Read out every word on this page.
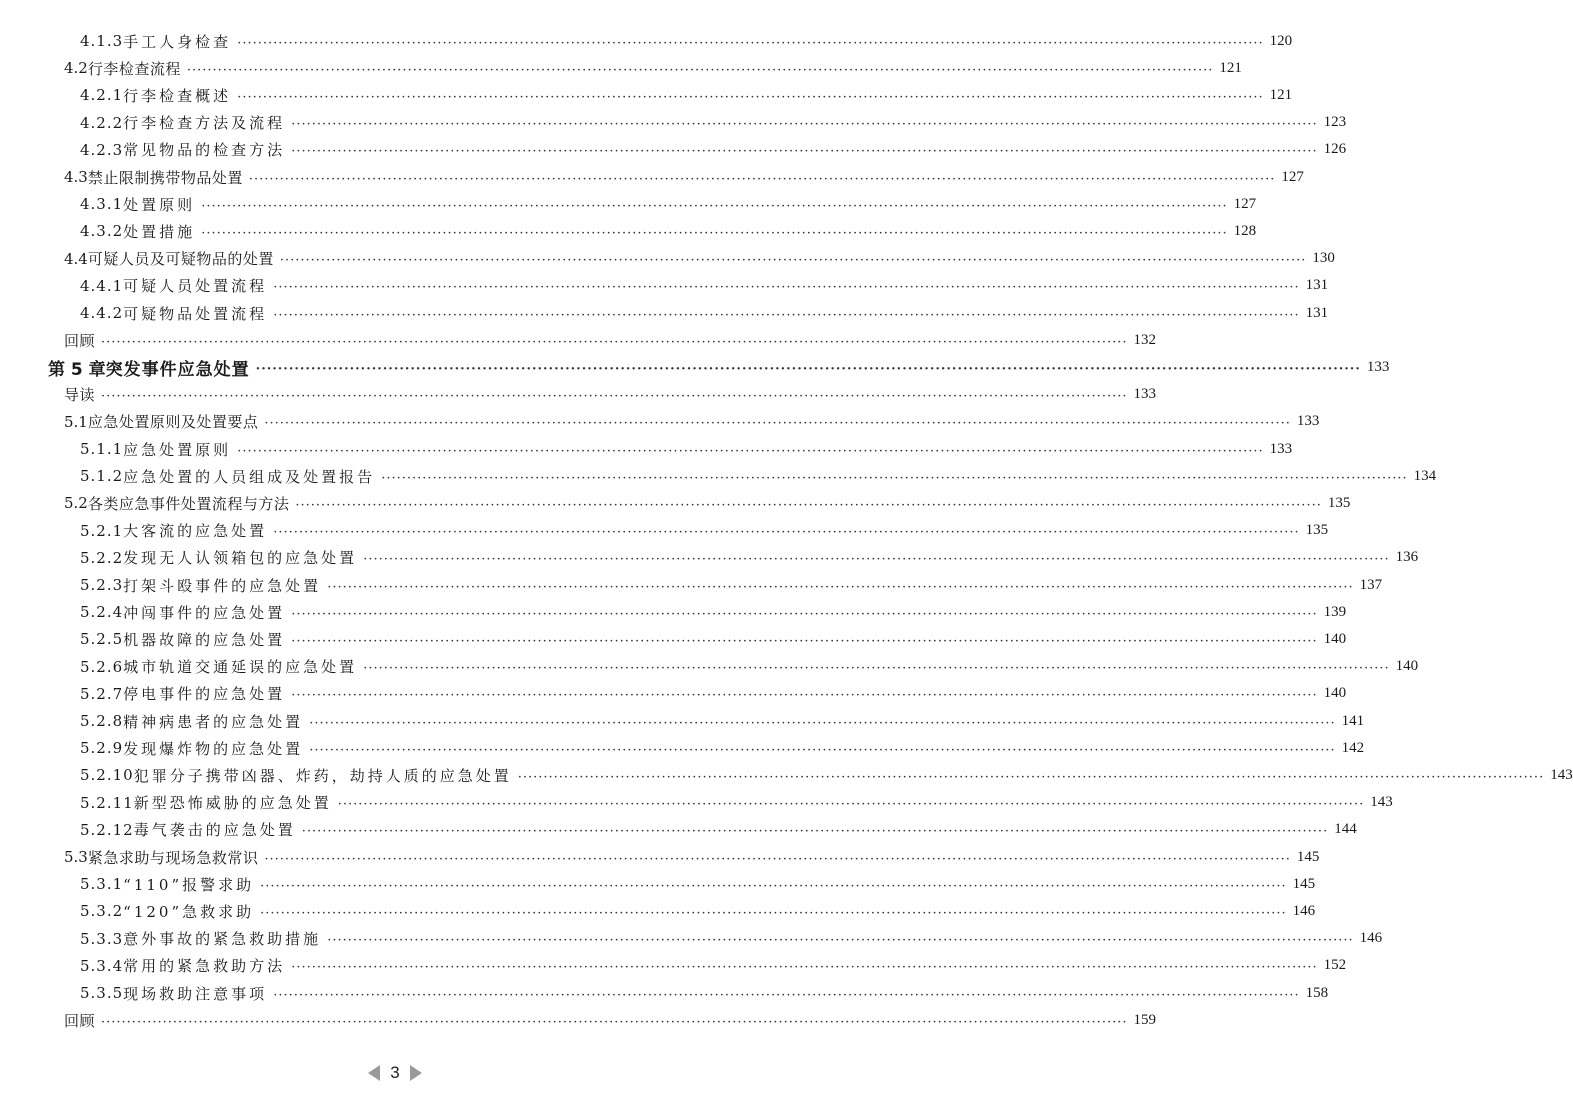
4.1.3 手工人身检查 ········································································································································································································ 120
4.2 行李检查流程 ········································································································································································································ 121
4.2.1 行李检查概述 ········································································································································································································ 121
4.2.2 行李检查方法及流程 ········································································································································································································ 123
4.2.3 常见物品的检查方法 ········································································································································································································ 126
4.3 禁止限制携带物品处置 ········································································································································································································ 127
4.3.1 处置原则 ········································································································································································································ 127
4.3.2 处置措施 ········································································································································································································ 128
4.4 可疑人员及可疑物品的处置 ········································································································································································································ 130
4.4.1 可疑人员处置流程 ········································································································································································································ 131
4.4.2 可疑物品处置流程 ········································································································································································································ 131
回顾 ········································································································································································································ 132
第 5 章 突发事件应急处置 ········································································································································································································ 133
导读 ········································································································································································································ 133
5.1 应急处置原则及处置要点 ········································································································································································································ 133
5.1.1 应急处置原则 ········································································································································································································ 133
5.1.2 应急处置的人员组成及处置报告 ········································································································································································································ 134
5.2 各类应急事件处置流程与方法 ········································································································································································································ 135
5.2.1 大客流的应急处置 ········································································································································································································ 135
5.2.2 发现无人认领箱包的应急处置 ········································································································································································································ 136
5.2.3 打架斗殴事件的应急处置 ········································································································································································································ 137
5.2.4 冲闯事件的应急处置 ········································································································································································································ 139
5.2.5 机器故障的应急处置 ········································································································································································································ 140
5.2.6 城市轨道交通延误的应急处置 ········································································································································································································ 140
5.2.7 停电事件的应急处置 ········································································································································································································ 140
5.2.8 精神病患者的应急处置 ········································································································································································································ 141
5.2.9 发现爆炸物的应急处置 ········································································································································································································ 142
5.2.10 犯罪分子携带凶器、炸药，劫持人质的应急处置 ········································································································································································································ 143
5.2.11 新型恐怖威胁的应急处置 ········································································································································································································ 143
5.2.12 毒气袭击的应急处置 ········································································································································································································ 144
5.3 紧急求助与现场急救常识 ········································································································································································································ 145
5.3.1 “110”报警求助 ········································································································································································································ 145
5.3.2 “120”急救求助 ········································································································································································································ 146
5.3.3 意外事故的紧急救助措施 ········································································································································································································ 146
5.3.4 常用的紧急救助方法 ········································································································································································································ 152
5.3.5 现场救助注意事项 ········································································································································································································ 158
回顾 ········································································································································································································ 159
3
